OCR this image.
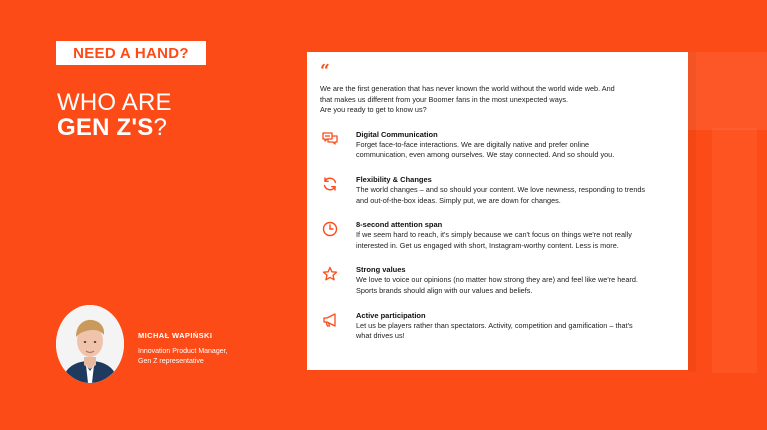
NEED A HAND?
WHO ARE
GEN Z'S?
MICHAŁ WAPIŃSKI
Innovation Product Manager,
Gen Z representative
“
We are the first generation that has never known the world without the world wide web. And
that makes us different from your Boomer fans in the most unexpected ways.
Are you ready to get to know us?
Digital Communication

Forget face-to-face interactions. We are digitally native and prefer online
communication, even among ourselves. We stay connected. And so should you.

Flexibility & Changes

The world changes – and so should your content. We love newness, responding to trends
and out-of-the-box ideas. Simply put, we are down for changes.

8-second attention span

If we seem hard to reach, it's simply because we can't focus on things we're not really
interested in. Get us engaged with short, Instagram-worthy content. Less is more.

Strong values

We love to voice our opinions (no matter how strong they are) and feel like we're heard.
Sports brands should align with our values and beliefs.

Active participation

Let us be players rather than spectators. Activity, competition and gamification – that's
what drives us!
